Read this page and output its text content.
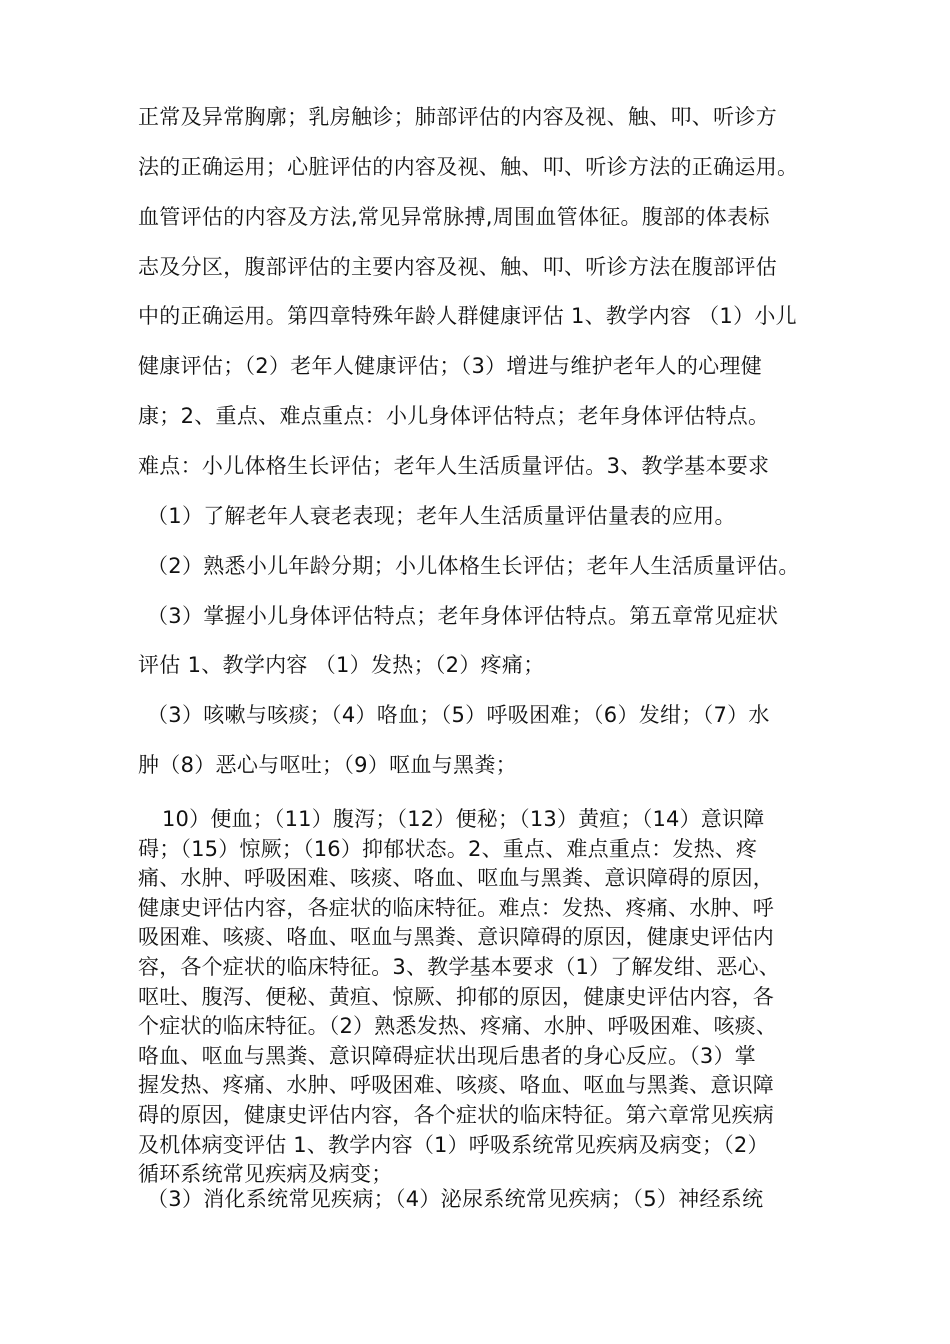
正常及异常胸廓；乳房触诊；肺部评估的内容及视、触、叩、听诊方
法的正确运用；心脏评估的内容及视、触、叩、听诊方法的正确运用。
血管评估的内容及方法,常见异常脉搏,周围血管体征。腹部的体表标
志及分区，腹部评估的主要内容及视、触、叩、听诊方法在腹部评估
中的正确运用。第四章特殊年龄人群健康评估 1、教学内容 （1）小儿
健康评估；（2）老年人健康评估；（3）增进与维护老年人的心理健
康；2、重点、难点重点：小儿身体评估特点；老年身体评估特点。
难点：小儿体格生长评估；老年人生活质量评估。3、教学基本要求
（1）了解老年人衰老表现；老年人生活质量评估量表的应用。
（2）熟悉小儿年龄分期；小儿体格生长评估；老年人生活质量评估。
（3）掌握小儿身体评估特点；老年身体评估特点。第五章常见症状
评估 1、教学内容 （1）发热；（2）疼痛；
（3）咳嗽与咳痰；（4）咯血；（5）呼吸困难；（6）发绀；（7）水
肿（8）恶心与呕吐；（9）呕血与黑粪；
10）便血；（11）腹泻；（12）便秘；（13）黄疸；（14）意识障
碍；（15）惊厥；（16）抑郁状态。2、重点、难点重点：发热、疼
痛、水肿、呼吸困难、咳痰、咯血、呕血与黑粪、意识障碍的原因，
健康史评估内容，各症状的临床特征。难点：发热、疼痛、水肿、呼
吸困难、咳痰、咯血、呕血与黑粪、意识障碍的原因，健康史评估内
容，各个症状的临床特征。3、教学基本要求（1）了解发绀、恶心、
呕吐、腹泻、便秘、黄疸、惊厥、抑郁的原因，健康史评估内容，各
个症状的临床特征。（2）熟悉发热、疼痛、水肿、呼吸困难、咳痰、
咯血、呕血与黑粪、意识障碍症状出现后患者的身心反应。（3）掌
握发热、疼痛、水肿、呼吸困难、咳痰、咯血、呕血与黑粪、意识障
碍的原因，健康史评估内容，各个症状的临床特征。第六章常见疾病
及机体病变评估 1、教学内容（1）呼吸系统常见疾病及病变；（2）
循环系统常见疾病及病变；
（3）消化系统常见疾病；（4）泌尿系统常见疾病；（5）神经系统
